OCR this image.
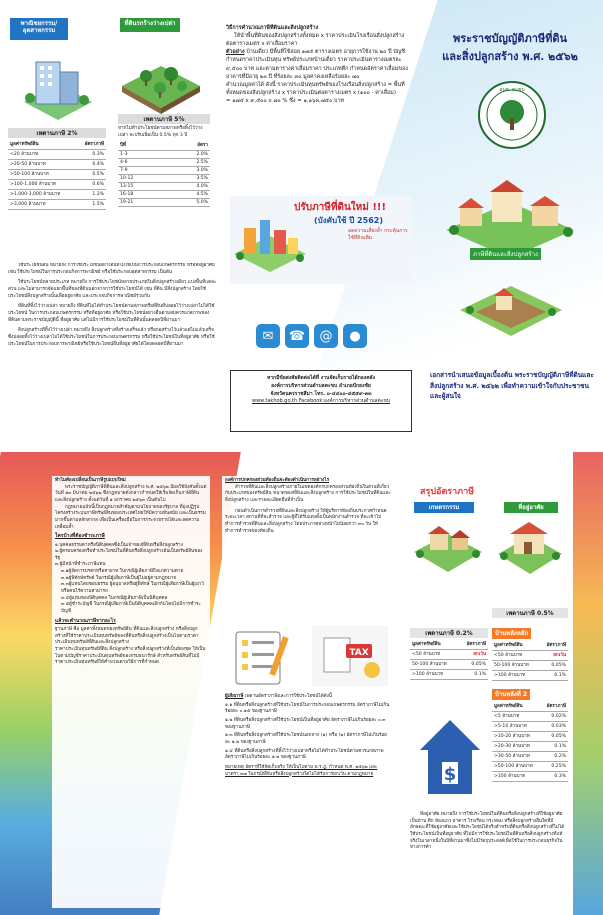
พาณิชยกรรม/
อุตสาหกรรม
ที่ดินรกร้างว่างเปล่า
เพดานภาษี 2%
มูลค่าทรัพย์สิน	อัตราภาษี
<20 ล้านบาท	0.3%
>20-50 ล้านบาท	0.4%
>50-100 ล้านบาท	0.5%
>100-1,000 ล้านบาท	0.6%
>1,000-3,000 ล้านบาท	1.2%
>3,000 ล้านบาท	1.5%
เพดานภาษี 5%
หากไม่ทำประโยชน์ตามสภาพหรือทิ้งไว้ว่างเปล่า จะปรับเพิ่มเป็น 0.5% ทุก 3 ปี
ปีที่	อัตรา
1-3	2.0%
4-6	2.5%
7-9	3.0%
10-12	3.5%
13-15	4.0%
16-18	4.5%
19-21	5.0%

ใช้ประโยชน์อื่น หมายถึง การใช้ประโยชน์อย่างอื่นที่ไม่ใช่เป็นการประกอบเกษตรกรรม หรือที่อยู่อาศัย เช่น ใช้ประโยชน์ในการประกอบกิจการพาณิชย์ หรือใช้ประกอบอุตสาหกรรม เป็นต้น

ใช้ประโยชน์หลายประเภท หมายถึง การใช้ประโยชน์หลายประเภทในสิ่งปลูกสร้างเดียว แบ่งพื้นที่แต่ละส่วน และไม่สามารถจัดแยกพื้นที่ของที่ดินนอกจากการใช้ประโยชน์ได้ เช่น ที่ดิน มีสิ่งปลูกสร้าง โดยใช้ประโยชน์สิ่งปลูกสร้างนั้นเพื่ออยู่อาศัย และประกอบกิจการพาณิชย์ร่วมกัน

ที่ดินที่ทิ้งไว้ว่างเปล่า หมายถึง ที่ดินที่ไม่ได้ทำประโยชน์ตามสภาพหรือที่ดินที่ปล่อยไว้ว่างเปล่าไม่ได้ใช้ประโยชน์ ในการประกอบเกษตรกรรม หรือที่อยู่อาศัย หรือใช้ประโยชน์อย่างอื่นตามสมควรแก่สภาพของที่ดินตามพระราชบัญญัตินี้ ที่อยู่อาศัย แต่ไม่มีการใช้ประโยชน์ในที่ดินนั้นตลอดปีที่ผ่านมา

สิ่งปลูกสร้างที่ทิ้งไว้ว่างเปล่า หมายถึง สิ่งปลูกสร้างที่สร้างเสร็จแล้ว หรือก่อสร้างไว้แล้วแต่ไม่แล้วเสร็จ ซึ่งปล่อยทิ้งไว้ว่างเปล่าไม่ได้ใช้ประโยชน์ในการประกอบเกษตรกรรม หรือใช้ประโยชน์ในที่อยู่อาศัย หรือใช้ประโยชน์ในการประกอบการพาณิชย์หรือใช้ประโยชน์อื่นที่อยู่อาศัยได้โดยตลอดปีที่ผ่านมา

วิธีการคำนวณภาษีที่ดินและสิ่งปลูกสร้าง

ให้นำพื้นที่ดินของสิ่งปลูกสร้างทั้งหมด x ราคาประเมินโรงเรือนสิ่งปลูกสร้าง ต่อตารางเมตร x ค่าเสื่อมราคา

ตัวอย่าง บ้านเดี่ยว มีพื้นที่ใช้สอย ๑๗๕ ตารางเมตร อายุการใช้งาน ๒๐ ปี บัญชีกำหนดราคาประเมินทุน ทรัพย์ประเภทบ้านเดี่ยว ราคาประเมินตารางเมตรละ ๙,๕๐๐ บาท และตามตารางค่าเสื่อมราคา ประเภทตึก กำหนดอัตราค่าเสื่อมของอาคารที่มีอายุ ๒๐ ปี ที่ร้อยละ ๓๐ มูลค่าคงเหลือร้อยละ ๗๐

คำนวณมูลค่าได้ ดังนี้ ราคาประเมินทุนทรัพย์ของโรงเรือนสิ่งปลูกสร้าง = พื้นที่ทั้งหมดของสิ่งปลูกสร้าง x ราคาประเมินต่อตารางเมตร x (๑๐๐ - ค่าเสื่อม)

= ๑๗๕ x ๙,๕๐๐ x ๗๐ % ซึ่ง = ๑,๑๖๓,๗๕๐ บาท

ปรับภาษีที่ดินใหม่ !!!
(บังคับใช้ ปี 2562)
ลดความเสี่ยงล้ำ กระตุ้นการใช้ที่ดินเพิ่ม
✉	☎	@	●

หากมีข้อสงสัยติดต่อได้ที่ งานจัดเก็บรายได้กองคลัง

องค์การบริหารส่วนตำบลตะขบ อำเภอปักธงชัย

จังหวัดนครราชสีมา โทร. ๐-๔๔๐๐-๔๕๕๙-๓๓

www.takhob.go.th Facebook:องค์การบริหารส่วนตำบลตะขบ

พระราชบัญญัติภาษีที่ดิน
และสิ่งปลูกสร้าง พ.ศ. ๒๕๖๒
อบต. ตะขบ
ภาษีที่ดินและสิ่งปลูกสร้าง
เอกสารนำเสนอข้อมูลเบื้องต้น พระราชบัญญัติภาษีที่ดินและสิ่งปลูกสร้าง พ.ศ. ๒๕๖๒ เพื่อทำความเข้าใจกับประชาชน และผู้สนใจ

ทำไมต้องเปลี่ยนเป็นภาษีรูปแบบใหม่

พระราชบัญญัติภาษีที่ดินและสิ่งปลูกสร้าง พ.ศ. ๒๕๖๒ มีผลใช้บังคับตั้งแต่วันที่ ๑๓ มีนาคม ๒๕๖๒ ซึ่งกฎหมายดังกล่าวกำหนดให้เริ่มจัดเก็บภาษีที่ดินและสิ่งปลูกสร้าง ตั้งแต่วันที่ ๑ มกราคม ๒๕๖๓ เป็นต้นไป

กฎหมายฉบับนี้เป็นกฎหมายสำคัญตามนโยบายของรัฐบาล ที่มุ่งปฏิรูปโครงสร้างระบบภาษีทรัพย์สินของประเทศไทยให้มีความทันสมัย และเป็นธรรมมากขึ้นตามหลักสากล เพื่อเป็นเครื่องมือในการกระจายรายได้และลดความเหลื่อมล้ำ

ใครบ้างที่ต้องชำระภาษี

๑.บุคคลธรรมดาหรือนิติบุคคลซึ่งเป็นเจ้าของที่ดินหรือสิ่งปลูกสร้าง

๒.ผู้ครอบครองหรือทำประโยชน์ในที่ดินหรือสิ่งปลูกสร้างอันเป็นทรัพย์สินของรัฐ

๓.ผู้มีหน้าที่ชำระภาษีแทน

๓.๑ผู้จัดการมรดกหรือทายาท ในกรณีผู้เสียภาษีถึงแก่ความตาย

๓.๒ผู้พิทักษ์ทรัพย์ ในกรณีผู้เสียภาษีเป็นผู้ไม่อยู่ตามกฎหมาย

๓.๓ผู้แทนโดยชอบธรรม ผู้อนุบาลหรือผู้พิทักษ์ ในกรณีผู้เสียภาษีเป็นผู้เยาว์หรือคนไร้ความสามารถ

๓.๔ผู้แทนของนิติบุคคล ในกรณีผู้เสียภาษีเป็นนิติบุคคล

๓.๕ผู้ชำระบัญชี ในกรณีผู้เสียภาษีเป็นนิติบุคคลเลิกกันโดยไม่มีการชำระบัญชี

แล้วจะคำนวณภาษีจากอะไร

ฐานภาษี คือ มูลค่าทั้งหมดของทรัพย์สิน ที่ดินและสิ่งปลูกสร้าง หรือสิ่งปลูกสร้างที่ใช้ราคาประเมินทุนทรัพย์ของที่ดินหรือสิ่งปลูกสร้างเป็นไปตามราคาประเมินทุนทรัพย์ที่ดินและสิ่งปลูกสร้าง

ราคาประเมินทุนทรัพย์ที่ดิน สิ่งปลูกสร้าง หรือสิ่งปลูกสร้างที่เป็นห้องชุด ให้เป็นไปตามบัญชีราคาประเมินทุนทรัพย์ของกรมธนารักษ์ สำหรับทรัพย์สินที่ไม่มีราคาประเมินทุนทรัพย์ให้คำนวณตามวิธีการที่กำหนด

องค์การปกครองส่วนท้องถิ่นจะต้องดำเนินการอย่างไร

สำรวจที่ดินและสิ่งปลูกสร้างภายในเขตองค์กรปกครองส่วนท้องถิ่นในส่วนที่เกี่ยวกับประเภทของทรัพย์สิน ขนาดของที่ดินและสิ่งปลูกสร้าง การใช้ประโยชน์ในที่ดินและสิ่งปลูกสร้าง และรายละเอียดอื่นที่จำเป็น

ก่อนดำเนินการสำรวจที่ดินและสิ่งปลูกสร้าง ให้ผู้บริหารท้องถิ่นประกาศกำหนดระยะเวลา สถานที่ที่จะสำรวจ และผู้ที่ได้รับแต่งตั้งเป็นพนักงานสำรวจ ที่จะเข้าไปทำการสำรวจที่ดินและสิ่งปลูกสร้าง โดยประกาศล่วงหน้าไม่น้อยกว่า ๓๐ วัน ให้ทำการสำรวจของท้องถิ่น

TAX

ผู้เสียภาษี เพดานอัตราภาษีและการใช้ประโยชน์ได้ดังนี้

๑.๑ ที่ดินหรือสิ่งปลูกสร้างที่ใช้ประโยชน์ในการประกอบเกษตรกรรม อัตราภาษีไม่เกินร้อยละ ๐.๑๕ ของฐานภาษี

๑.๒ ที่ดินหรือสิ่งปลูกสร้างที่ใช้ประโยชน์เป็นที่อยู่อาศัย อัตราภาษีไม่เกินร้อยละ ๐.๓ ของฐานภาษี

๑.๓ ที่ดินหรือสิ่งปลูกสร้างที่ใช้ประโยชน์นอกจาก (๑) หรือ (๒) อัตราภาษีไม่เกินร้อยละ ๑.๒ ของฐานภาษี

๑.๔ ที่ดินหรือสิ่งปลูกสร้างที่ทิ้งไว้ว่างเปล่าหรือไม่ได้ทำประโยชน์ตามควรแก่สภาพ อัตราภาษีไม่เกินร้อยละ ๑.๒ ของฐานภาษี

หมายเหตุ อัตราที่ใช้จัดเก็บจริง ให้เป็นไปตาม พ.ร.ฎ. กำหนด พ.ศ. ๒๕๖๒ และมาตรา ๓๗ ในกรณีที่ดินหรือสิ่งปลูกสร้างใดไม่ได้รับการยกเว้น ตามกฎหมาย

สรุปอัตราภาษี
เกษตรกรรม	ที่อยู่อาศัย
เพดานภาษี 0.2%
มูลค่าทรัพย์สิน	อัตราภาษี
<50 ล้านบาท	ยกเว้น
50-100 ล้านบาท	0.05%
>100 ล้านบาท	0.1%
เพดานภาษี 0.5%
บ้านหลังหลัก
มูลค่าทรัพย์สิน	อัตราภาษี
<50 ล้านบาท	ยกเว้น
50-100 ล้านบาท	0.05%
>100 ล้านบาท	0.1%
บ้านหลังที่ 2
มูลค่าทรัพย์สิน	อัตราภาษี
<5 ล้านบาท	0.02%
>5-10 ล้านบาท	0.03%
>10-20 ล้านบาท	0.05%
>20-30 ล้านบาท	0.1%
>30-50 ล้านบาท	0.2%
>50-100 ล้านบาท	0.25%
>100 ล้านบาท	0.3%
$
ที่อยู่อาศัย หมายถึง การใช้ประโยชน์ในที่ดินหรือสิ่งปลูกสร้างที่ใช้อยู่อาศัยเป็นบ้าน ตึก ห้องแถว อาคาร โรงเรือน กระท่อม หรือสิ่งปลูกสร้างอื่นใดที่มีลักษณะที่ใช้อยู่อาศัยและใช้ประโยชน์ได้จริงสำหรับที่ดินหรือสิ่งปลูกสร้างที่ไม่ได้ใช้ประโยชน์เป็นที่อยู่อาศัย ที่ไม่มีการใช้ประโยชน์ในที่ดินหรือสิ่งปลูกสร้างที่แท้จริงในเวลาหนึ่งในปีที่ผ่านมาซึ่งไม่มีวัตถุประสงค์เพื่อใช้ในการประกอบธุรกิจในทางการค้า
